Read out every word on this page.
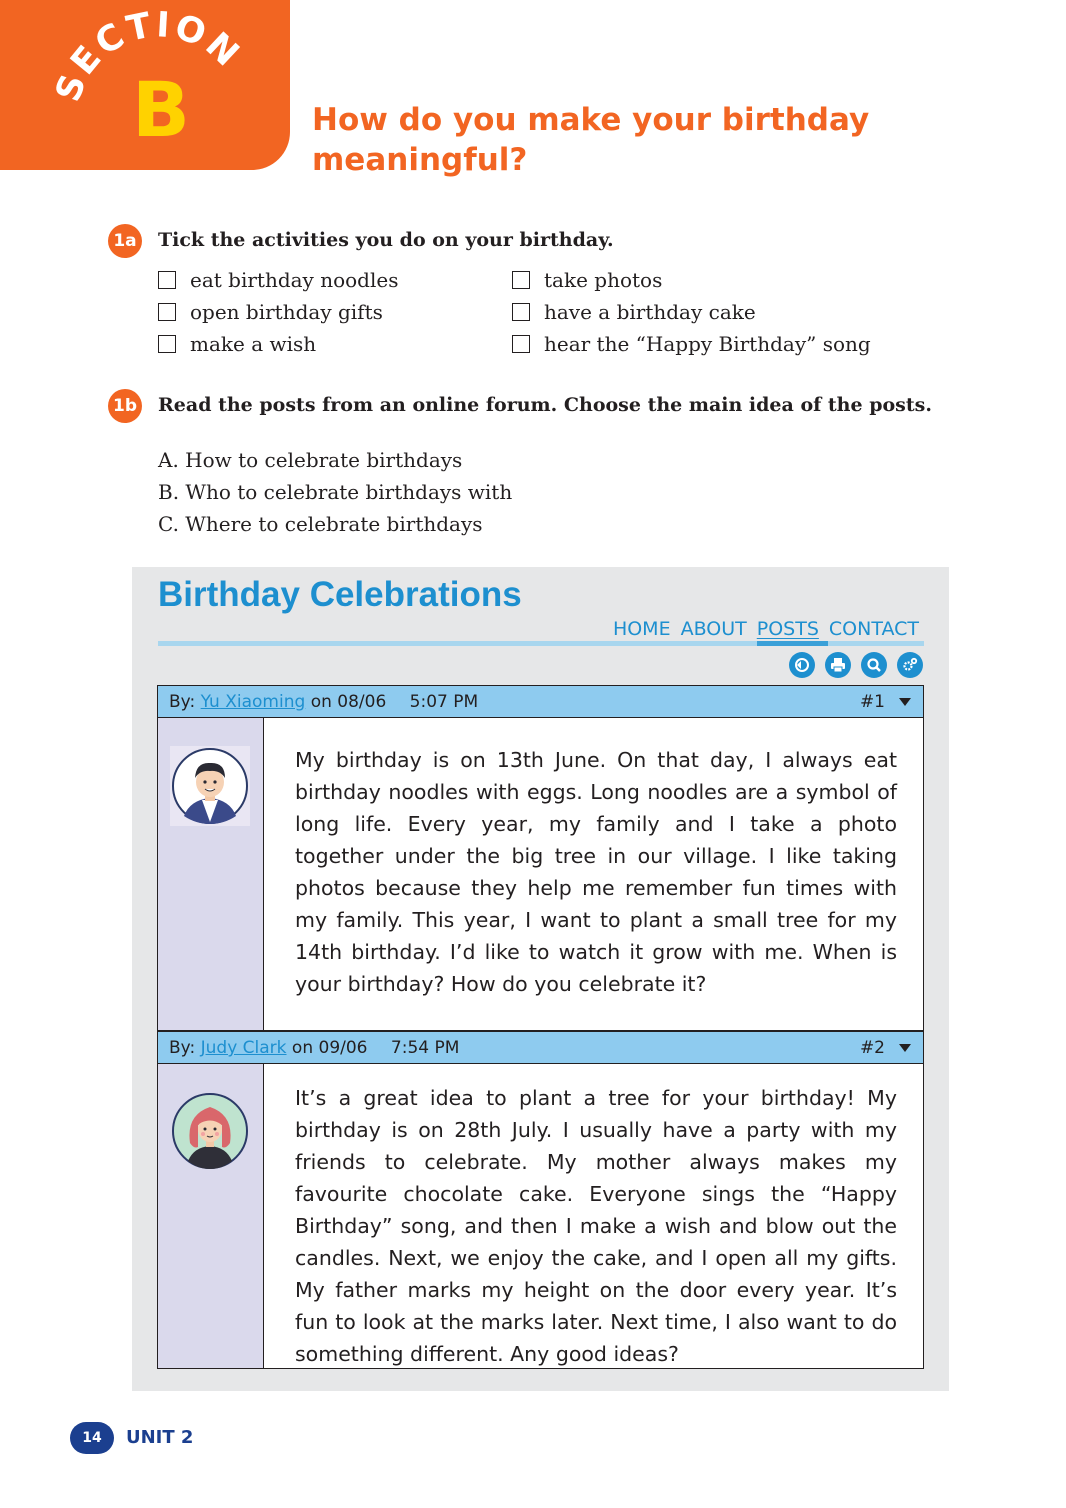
SECTION
B	How do you make your birthday
meaningful?
1a Tick the activities you do on your birthday.
eat birthday noodles
open birthday gifts
make a wish
take photos
have a birthday cake
hear the “Happy Birthday” song
1b Read the posts from an online forum. Choose the main idea of the posts.
A. How to celebrate birthdays
B. Who to celebrate birthdays with
C. Where to celebrate birthdays
Birthday Celebrations
HOME ABOUT POSTS CONTACT
By: Yu Xiaoming on 08/06 5:07 PM	#1
My birthday is on 13th June. On that day, I always eat birthday noodles with eggs. Long noodles are a symbol of long life. Every year, my family and I take a photo together under the big tree in our village. I like taking photos because they help me remember fun times with my family. This year, I want to plant a small tree for my 14th birthday. I’d like to watch it grow with me. When is your birthday? How do you celebrate it?
By: Judy Clark on 09/06 7:54 PM	#2
It’s a great idea to plant a tree for your birthday! My birthday is on 28th July. I usually have a party with my friends to celebrate. My mother always makes my favourite chocolate cake. Everyone sings the “Happy Birthday” song, and then I make a wish and blow out the candles. Next, we enjoy the cake, and I open all my gifts. My father marks my height on the door every year. It’s fun to look at the marks later. Next time, I also want to do something different. Any good ideas?
14	UNIT 2
